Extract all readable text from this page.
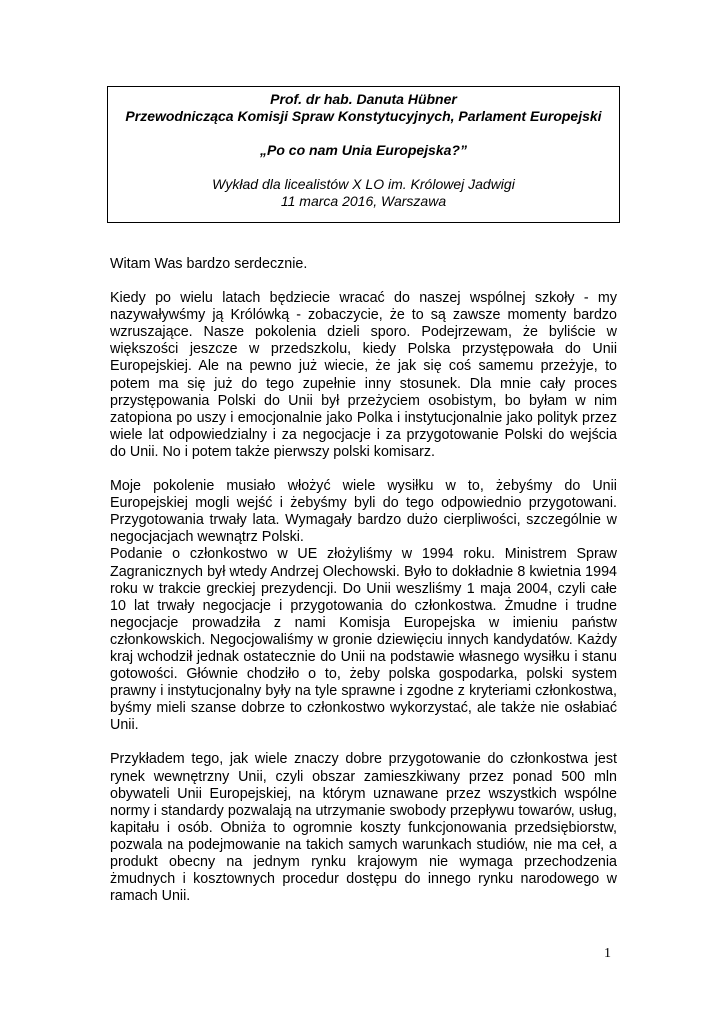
Prof. dr hab. Danuta Hübner
Przewodnicząca Komisji Spraw Konstytucyjnych, Parlament Europejski
„Po co nam Unia Europejska?”
Wykład dla licealistów X LO im. Królowej Jadwigi
11 marca 2016, Warszawa

Witam Was bardzo serdecznie.

Kiedy po wielu latach będziecie wracać do naszej wspólnej szkoły - my nazywaływśmy ją Królówką - zobaczycie, że to są zawsze momenty bardzo wzruszające. Nasze pokolenia dzieli sporo. Podejrzewam, że byliście w większości jeszcze w przedszkolu, kiedy Polska przystępowała do Unii Europejskiej. Ale na pewno już wiecie, że jak się coś samemu przeżyje, to potem ma się już do tego zupełnie inny stosunek. Dla mnie cały proces przystępowania Polski do Unii był przeżyciem osobistym, bo byłam w nim zatopiona po uszy i emocjonalnie jako Polka i instytucjonalnie jako polityk przez wiele lat odpowiedzialny i za negocjacje i za przygotowanie Polski do wejścia do Unii. No i potem także pierwszy polski komisarz.

Moje pokolenie musiało włożyć wiele wysiłku w to, żebyśmy do Unii Europejskiej mogli wejść i żebyśmy byli do tego odpowiednio przygotowani. Przygotowania trwały lata. Wymagały bardzo dużo cierpliwości, szczególnie w negocjacjach wewnątrz Polski.

Podanie o członkostwo w UE złożyliśmy w 1994 roku. Ministrem Spraw Zagranicznych był wtedy Andrzej Olechowski. Było to dokładnie 8 kwietnia 1994 roku w trakcie greckiej prezydencji. Do Unii weszliśmy 1 maja 2004, czyli całe 10 lat trwały negocjacje i przygotowania do członkostwa. Żmudne i trudne negocjacje prowadziła z nami Komisja Europejska w imieniu państw członkowskich. Negocjowaliśmy w gronie dziewięciu innych kandydatów. Każdy kraj wchodził jednak ostatecznie do Unii na podstawie własnego wysiłku i stanu gotowości. Głównie chodziło o to, żeby polska gospodarka, polski system prawny i instytucjonalny były na tyle sprawne i zgodne z kryteriami członkostwa, byśmy mieli szanse dobrze to członkostwo wykorzystać, ale także nie osłabiać Unii.

Przykładem tego, jak wiele znaczy dobre przygotowanie do członkostwa jest rynek wewnętrzny Unii, czyli obszar zamieszkiwany przez ponad 500 mln obywateli Unii Europejskiej, na którym uznawane przez wszystkich wspólne normy i standardy pozwalają na utrzymanie swobody przepływu towarów, usług, kapitału i osób. Obniża to ogromnie koszty funkcjonowania przedsiębiorstw, pozwala na podejmowanie na takich samych warunkach studiów, nie ma ceł, a produkt obecny na jednym rynku krajowym nie wymaga przechodzenia żmudnych i kosztownych procedur dostępu do innego rynku narodowego w ramach Unii.

1
